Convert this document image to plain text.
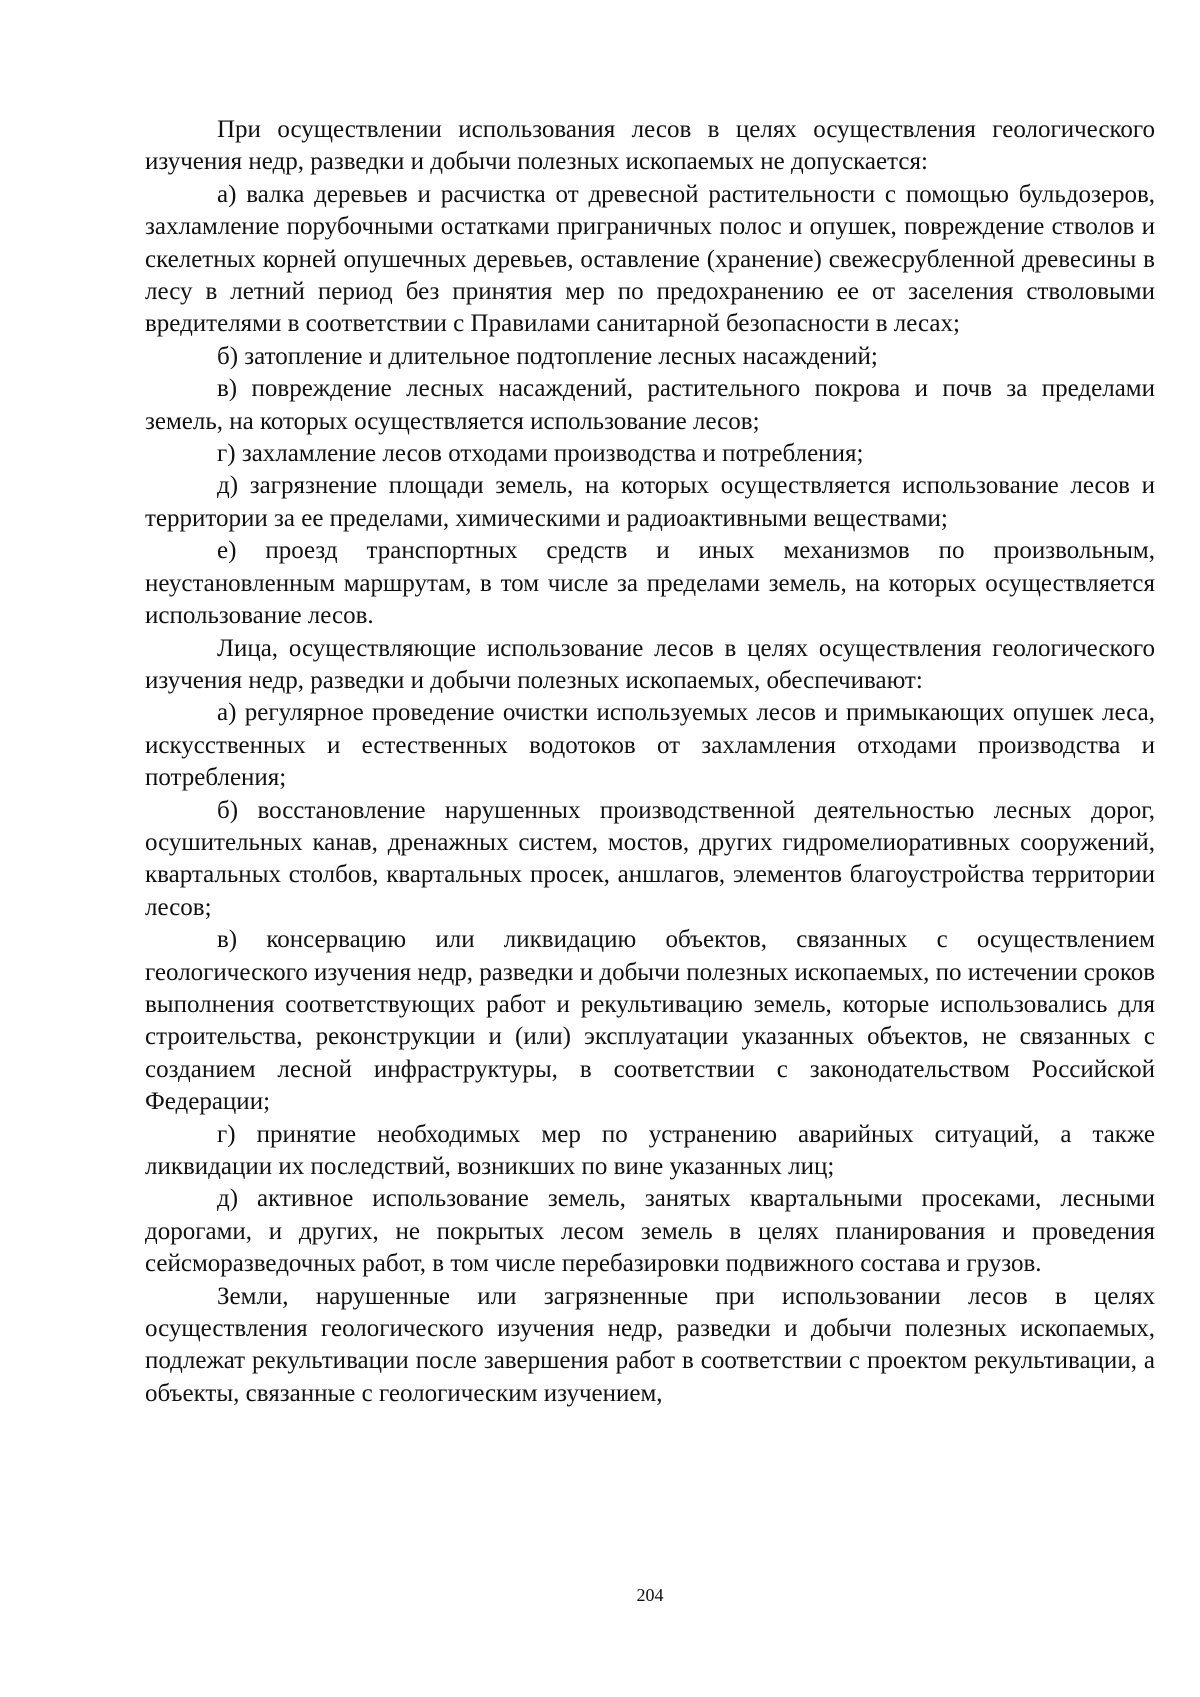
При осуществлении использования лесов в целях осуществления геологического изучения недр, разведки и добычи полезных ископаемых не допускается:

а) валка деревьев и расчистка от древесной растительности с помощью бульдозеров, захламление порубочными остатками приграничных полос и опушек, повреждение стволов и скелетных корней опушечных деревьев, оставление (хранение) свежесрубленной древесины в лесу в летний период без принятия мер по предохранению ее от заселения стволовыми вредителями в соответствии с Правилами санитарной безопасности в лесах;

б) затопление и длительное подтопление лесных насаждений;

в) повреждение лесных насаждений, растительного покрова и почв за пределами земель, на которых осуществляется использование лесов;

г) захламление лесов отходами производства и потребления;

д) загрязнение площади земель, на которых осуществляется использование лесов и территории за ее пределами, химическими и радиоактивными веществами;

е) проезд транспортных средств и иных механизмов по произвольным, неустановленным маршрутам, в том числе за пределами земель, на которых осуществляется использование лесов.

Лица, осуществляющие использование лесов в целях осуществления геологического изучения недр, разведки и добычи полезных ископаемых, обеспечивают:

а) регулярное проведение очистки используемых лесов и примыкающих опушек леса, искусственных и естественных водотоков от захламления отходами производства и потребления;

б) восстановление нарушенных производственной деятельностью лесных дорог, осушительных канав, дренажных систем, мостов, других гидромелиоративных сооружений, квартальных столбов, квартальных просек, аншлагов, элементов благоустройства территории лесов;

в) консервацию или ликвидацию объектов, связанных с осуществлением геологического изучения недр, разведки и добычи полезных ископаемых, по истечении сроков выполнения соответствующих работ и рекультивацию земель, которые использовались для строительства, реконструкции и (или) эксплуатации указанных объектов, не связанных с созданием лесной инфраструктуры, в соответствии с законодательством Российской Федерации;

г) принятие необходимых мер по устранению аварийных ситуаций, а также ликвидации их последствий, возникших по вине указанных лиц;

д) активное использование земель, занятых квартальными просеками, лесными дорогами, и других, не покрытых лесом земель в целях планирования и проведения сейсморазведочных работ, в том числе перебазировки подвижного состава и грузов.

Земли, нарушенные или загрязненные при использовании лесов в целях осуществления геологического изучения недр, разведки и добычи полезных ископаемых, подлежат рекультивации после завершения работ в соответствии с проектом рекультивации, а объекты, связанные с геологическим изучением,

204
